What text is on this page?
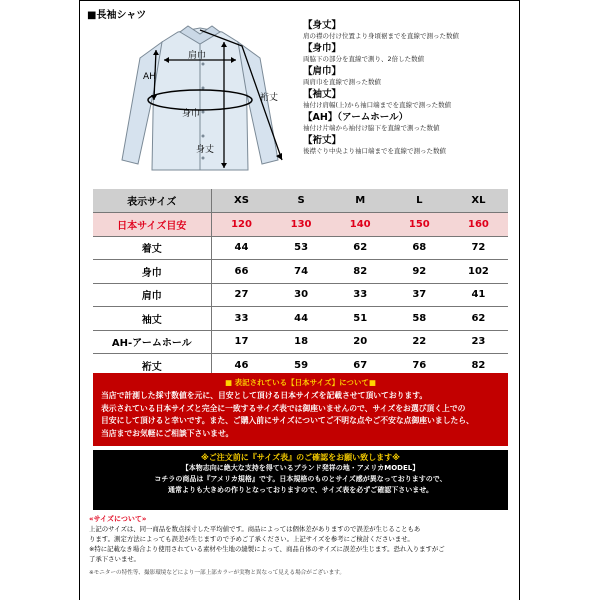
■長袖シャツ
肩巾
AH
身巾
身丈
裄丈
【身丈】
肩の襟の付け位置より身頃裾までを直線で測った数値
【身巾】
両脇下の部分を直線で測り、2倍した数値
【肩巾】
両肩巾を直線で測った数値
【袖丈】
袖付け肩幅(上)から袖口端までを直線で測った数値
【AH】（アームホール）
袖付け片端から袖付け脇下を直線で測った数値
【裄丈】
後襟ぐり中央より袖口端までを直線で測った数値
表示サイズ	XS	S	M	L	XL
日本サイズ目安	120	130	140	150	160
着丈	44	53	62	68	72
身巾	66	74	82	92	102
肩巾	27	30	33	37	41
袖丈	33	44	51	58	62
AH-アームホール	17	18	20	22	23
裄丈	46	59	67	76	82
■ 表記されている【日本サイズ】について■
当店で計測した採寸数値を元に、目安として頂ける日本サイズを記載させて頂いております。
表示されている日本サイズと完全に一致するサイズ表では御座いませんので、サイズをお選び頂く上での
目安にして頂けると幸いです。また、ご購入前にサイズについてご不明な点やご不安な点御座いましたら、
当店までお気軽にご相談下さいませ。
※ご注文前に『サイズ表』のご確認をお願い致します※
【本物志向に絶大な支持を得ているブランド発祥の地・アメリカMODEL】
コチラの商品は『アメリカ規格』です。日本規格のものとサイズ感が異なっておりますので、
通常よりも大きめの作りとなっておりますので、サイズ表を必ずご確認下さいませ。
«サイズについて»
上記のサイズは、同一商品を数点採寸した平均値です。商品によっては個体差がありますので誤差が生じることもあ
ります。測定方法によっても誤差が生じますので予めご了承ください。上記サイズを参考にご検討くださいませ。
※特に記載なき場合より使用されている素材や生地の縫製によって、商品自体のサイズに誤差が生じます。恐れ入りますがご
了承下さいませ。
※モニターの特性等、撮影環境などにより一部上部カラーが実物と異なって見える場合がございます。
